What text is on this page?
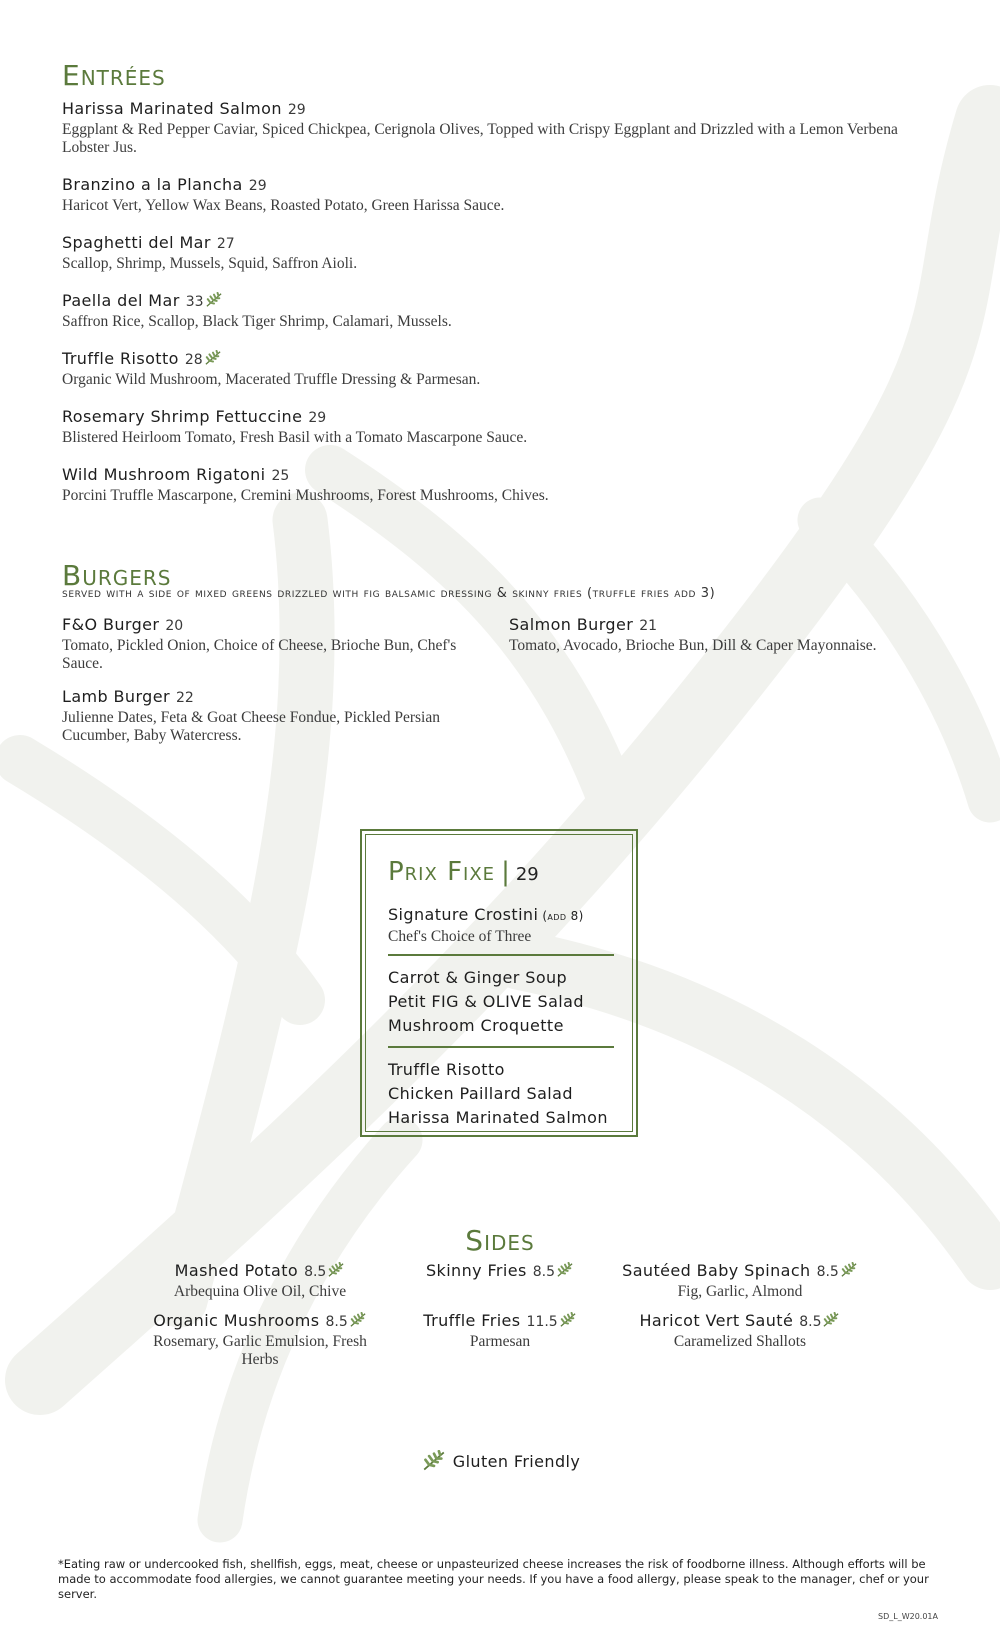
Entrées
Harissa Marinated Salmon 29
Eggplant & Red Pepper Caviar, Spiced Chickpea, Cerignola Olives, Topped with Crispy Eggplant and Drizzled with a Lemon Verbena Lobster Jus.
Branzino a la Plancha 29
Haricot Vert, Yellow Wax Beans, Roasted Potato, Green Harissa Sauce.
Spaghetti del Mar 27
Scallop, Shrimp, Mussels, Squid, Saffron Aioli.
Paella del Mar 33
Saffron Rice, Scallop, Black Tiger Shrimp, Calamari, Mussels.
Truffle Risotto 28
Organic Wild Mushroom, Macerated Truffle Dressing & Parmesan.
Rosemary Shrimp Fettuccine 29
Blistered Heirloom Tomato, Fresh Basil with a Tomato Mascarpone Sauce.
Wild Mushroom Rigatoni 25
Porcini Truffle Mascarpone, Cremini Mushrooms, Forest Mushrooms, Chives.
Burgers
served with a side of mixed greens drizzled with fig balsamic dressing & skinny fries (truffle fries add 3)
F&O Burger 20
Tomato, Pickled Onion, Choice of Cheese, Brioche Bun, Chef's Sauce.
Salmon Burger 21
Tomato, Avocado, Brioche Bun, Dill & Caper Mayonnaise.
Lamb Burger 22
Julienne Dates, Feta & Goat Cheese Fondue, Pickled Persian Cucumber, Baby Watercress.
Prix Fixe | 29
Signature Crostini (add 8)
Chef's Choice of Three
Carrot & Ginger Soup
Petit FIG & OLIVE Salad
Mushroom Croquette
Truffle Risotto
Chicken Paillard Salad
Harissa Marinated Salmon
Sides
Mashed Potato 8.5
Arbequina Olive Oil, Chive
Skinny Fries 8.5	Sautéed Baby Spinach 8.5
Fig, Garlic, Almond
Organic Mushrooms 8.5
Rosemary, Garlic Emulsion, Fresh Herbs
Truffle Fries 11.5
Parmesan
Haricot Vert Sauté 8.5
Caramelized Shallots
Gluten Friendly
*Eating raw or undercooked fish, shellfish, eggs, meat, cheese or unpasteurized cheese increases the risk of foodborne illness. Although efforts will be made to accommodate food allergies, we cannot guarantee meeting your needs. If you have a food allergy, please speak to the manager, chef or your server.
SD_L_W20.01A
